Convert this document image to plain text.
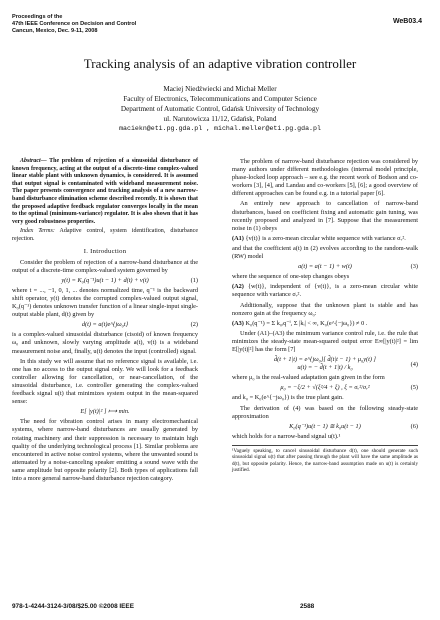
Proceedings of the
47th IEEE Conference on Decision and Control
Cancun, Mexico, Dec. 9-11, 2008
WeB03.4
Tracking analysis of an adaptive vibration controller
Maciej Niedźwiecki and Michał Meller
Faculty of Electronics, Telecommunications and Computer Science
Department of Automatic Control, Gdańsk University of Technology
ul. Narutowicza 11/12, Gdańsk, Poland
maciekn@eti.pg.gda.pl , michal.meller@eti.pg.gda.pl

Abstract— The problem of rejection of a sinusoidal disturbance of known frequency, acting at the output of a discrete-time complex-valued linear stable plant with unknown dynamics, is considered. It is assumed that output signal is contaminated with wideband measurement noise. The paper presents convergence and tracking analysis of a new narrow-band disturbance elimination scheme described recently. It is shown that the proposed adaptive feedback regulator converges locally in the mean to the optimal (minimum-variance) regulator. It is also shown that it has very good robustness properties.

Index Terms: Adaptive control, system identification, disturbance rejection.

I. Introduction

Consider the problem of rejection of a narrow-band disturbance at the output of a discrete-time complex-valued system governed by

y(t) = K₀(q⁻¹)u(t − 1) + d(t) + v(t)	(1)

where t = ..., −1, 0, 1, ... denotes normalized time, q⁻¹ is the backward shift operator, y(t) denotes the corrupted complex-valued output signal, K₀(q⁻¹) denotes unknown transfer function of a linear single-input single-output stable plant, d(t) given by

d(t) = a(t)e^{jω₀t}	(2)

is a complex-valued sinusoidal disturbance (cisoid) of known frequency ω₀ and unknown, slowly varying amplitude a(t), v(t) is a wideband measurement noise and, finally, u(t) denotes the input (controlled) signal.

In this study we will assume that no reference signal is available, i.e. one has no access to the output signal only. We will look for a feedback controller allowing for cancellation, or near-cancellation, of the sinusoidal disturbance, i.e. controller generating the complex-valued feedback signal u(t) that minimizes system output in the mean-squared sense:

E[ |y(t)|² ] ⟼ min.

The need for vibration control arises in many electromechanical systems, where narrow-band disturbances are usually generated by rotating machinery and their suppression is necessary to maintain high quality of the underlying technological process [1]. Similar problems are encountered in active noise control systems, where the unwanted sound is attenuated by a noise-canceling speaker emitting a sound wave with the same amplitude but opposite polarity [2]. Both types of applications fall into a more general narrow-band disturbance rejection category.

The problem of narrow-band disturbance rejection was considered by many authors under different methodologies (internal model principle, phase-locked loop approach – see e.g. the recent work of Bodson and co-workers [3], [4], and Landau and co-workers [5], [6]; a good overview of different approaches can be found e.g. in a tutorial paper [6].

An entirely new approach to cancellation of narrow-band disturbances, based on coefficient fixing and automatic gain tuning, was recently proposed and analyzed in [7]. Suppose that the measurement noise in (1) obeys

(A1) {v(t)} is a zero-mean circular white sequence with variance σᵥ².

and that the coefficient a(t) in (2) evolves according to the random-walk (RW) model

a(t) = a(t − 1) + w(t)	(3)

where the sequence of one-step changes obeys

(A2) {w(t)}, independent of {v(t)}, is a zero-mean circular white sequence with variance σᵥ².

Additionally, suppose that the unknown plant is stable and has nonzero gain at the frequency ω₀:

(A3) K₀(q⁻¹) = Σ k₀ᵢq⁻ⁱ, Σ |kᵢ| < ∞, K₀(e^{−jω₀}) ≠ 0 .

Under (A1)–(A3) the minimum variance control rule, i.e. the rule that minimizes the steady-state mean-squared output error E∞[|y(t)|²] = lim E[|y(t)|²] has the form [7]

d̂(t + 1|t) = e^{jω₀}[ d̂(t|t − 1) + μ₀y(t) ]
u(t) = − d̂(t + 1|t) / k₀	(4)

where μ₀ is the real-valued adaptation gain given in the form

μ₀ = −ξ/2 + √(ξ²/4 + ξ) , ξ = σᵥ²/σᵥ²	(5)

and k₀ = K₀(e^{−jω₀}) is the true plant gain.

The derivation of (4) was based on the following steady-state approximation

K₀(q⁻¹)u(t − 1) ≅ k₀u(t − 1)	(6)

which holds for a narrow-band signal u(t).¹

¹Vaguely speaking, to cancel sinusoidal disturbance d(t), one should generate such sinusoidal signal u(t) that after passing through the plant will have the same amplitude as d(t), but opposite polarity. Hence, the narrow-band assumption made on u(t) is certainly justified.
978-1-4244-3124-3/08/$25.00 ©2008 IEEE	2588
